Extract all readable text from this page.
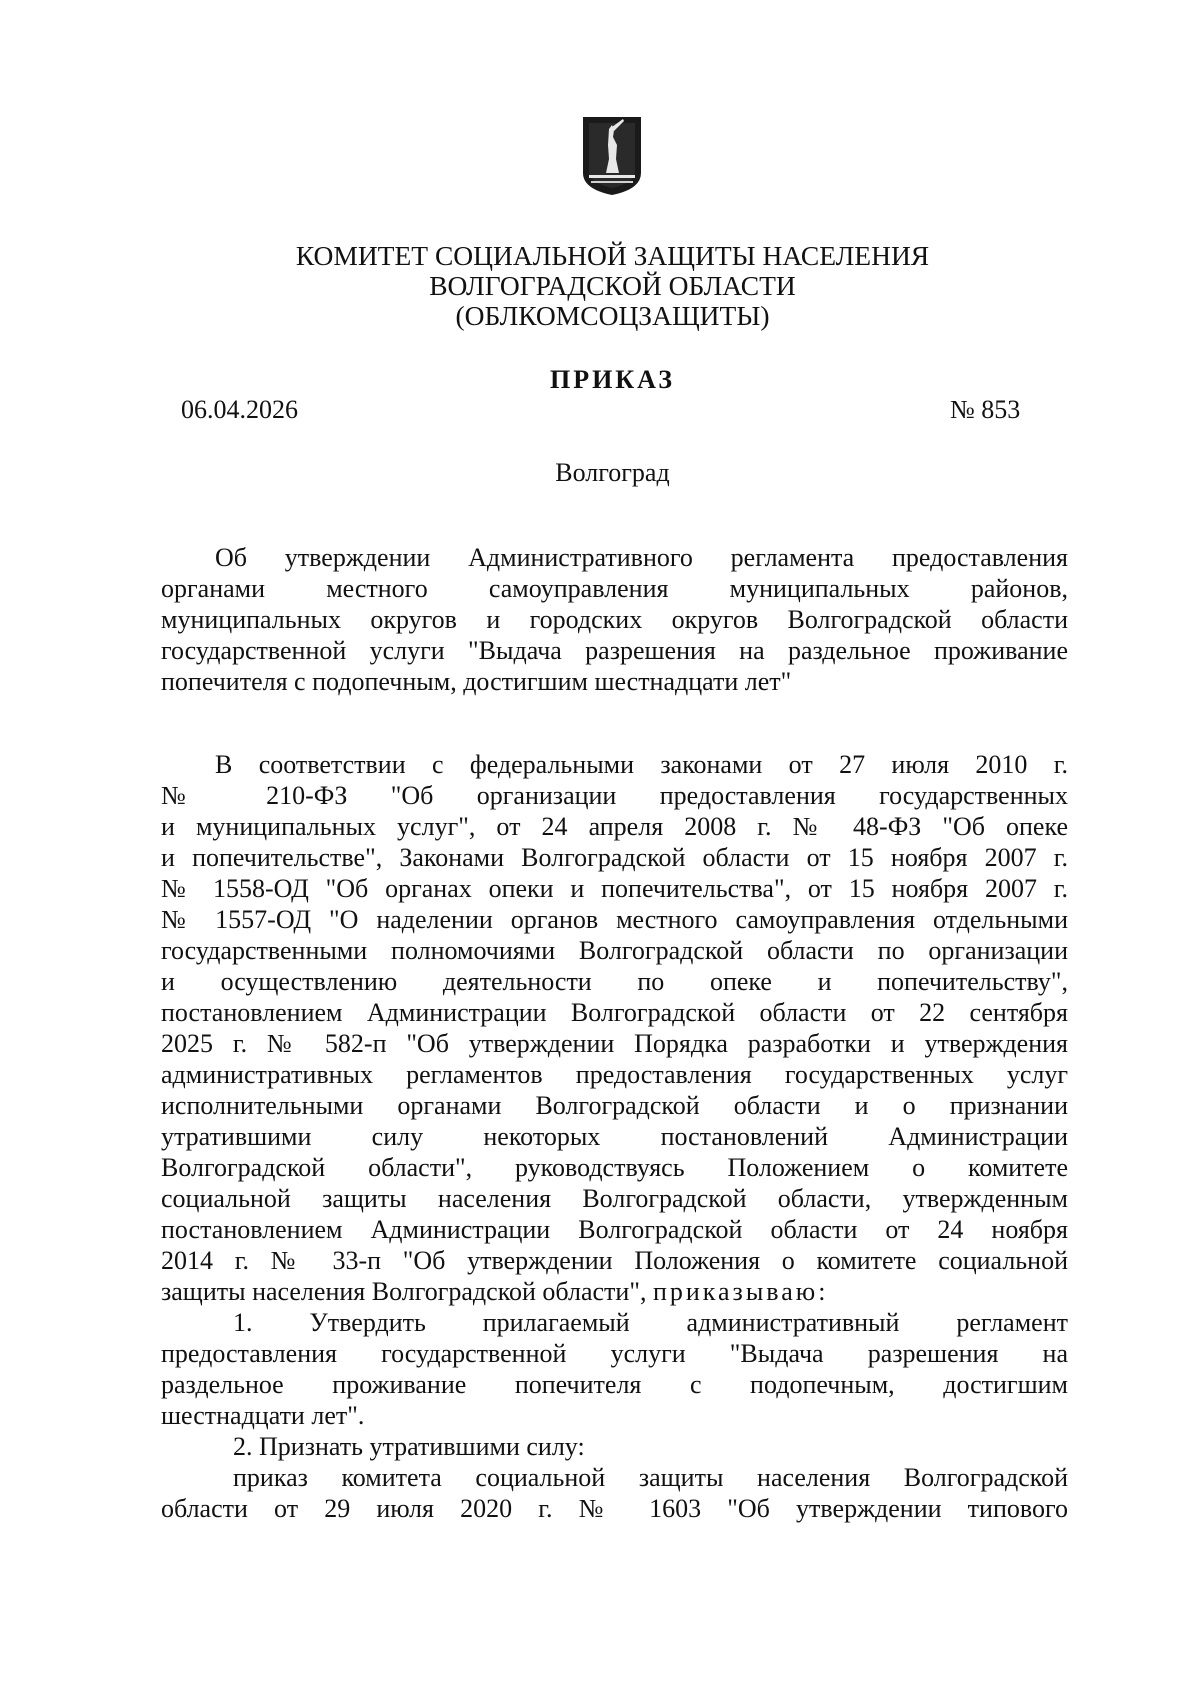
КОМИТЕТ СОЦИАЛЬНОЙ ЗАЩИТЫ НАСЕЛЕНИЯ
ВОЛГОГРАДСКОЙ ОБЛАСТИ
(ОБЛКОМСОЦЗАЩИТЫ)
ПРИКАЗ
06.04.2026	№ 853
Волгоград
Об утверждении Административного регламента предоставления
органами местного самоуправления муниципальных районов,
муниципальных округов и городских округов Волгоградской области
государственной услуги "Выдача разрешения на раздельное проживание
попечителя с подопечным, достигшим шестнадцати лет"
В соответствии с федеральными законами от 27 июля 2010 г.
№ 210-ФЗ "Об организации предоставления государственных
и муниципальных услуг", от 24 апреля 2008 г. № 48-ФЗ "Об опеке
и попечительстве", Законами Волгоградской области от 15 ноября 2007 г.
№ 1558-ОД "Об органах опеки и попечительства", от 15 ноября 2007 г.
№ 1557-ОД "О наделении органов местного самоуправления отдельными
государственными полномочиями Волгоградской области по организации
и осуществлению деятельности по опеке и попечительству",
постановлением Администрации Волгоградской области от 22 сентября
2025 г. № 582-п "Об утверждении Порядка разработки и утверждения
административных регламентов предоставления государственных услуг
исполнительными органами Волгоградской области и о признании
утратившими силу некоторых постановлений Администрации
Волгоградской области", руководствуясь Положением о комитете
социальной защиты населения Волгоградской области, утвержденным
постановлением Администрации Волгоградской области от 24 ноября
2014 г. № 33-п "Об утверждении Положения о комитете социальной
защиты населения Волгоградской области", приказываю:
1. Утвердить прилагаемый административный регламент
предоставления государственной услуги "Выдача разрешения на
раздельное проживание попечителя с подопечным, достигшим
шестнадцати лет".
2. Признать утратившими силу:
приказ комитета социальной защиты населения Волгоградской
области от 29 июля 2020 г. № 1603 "Об утверждении типового
